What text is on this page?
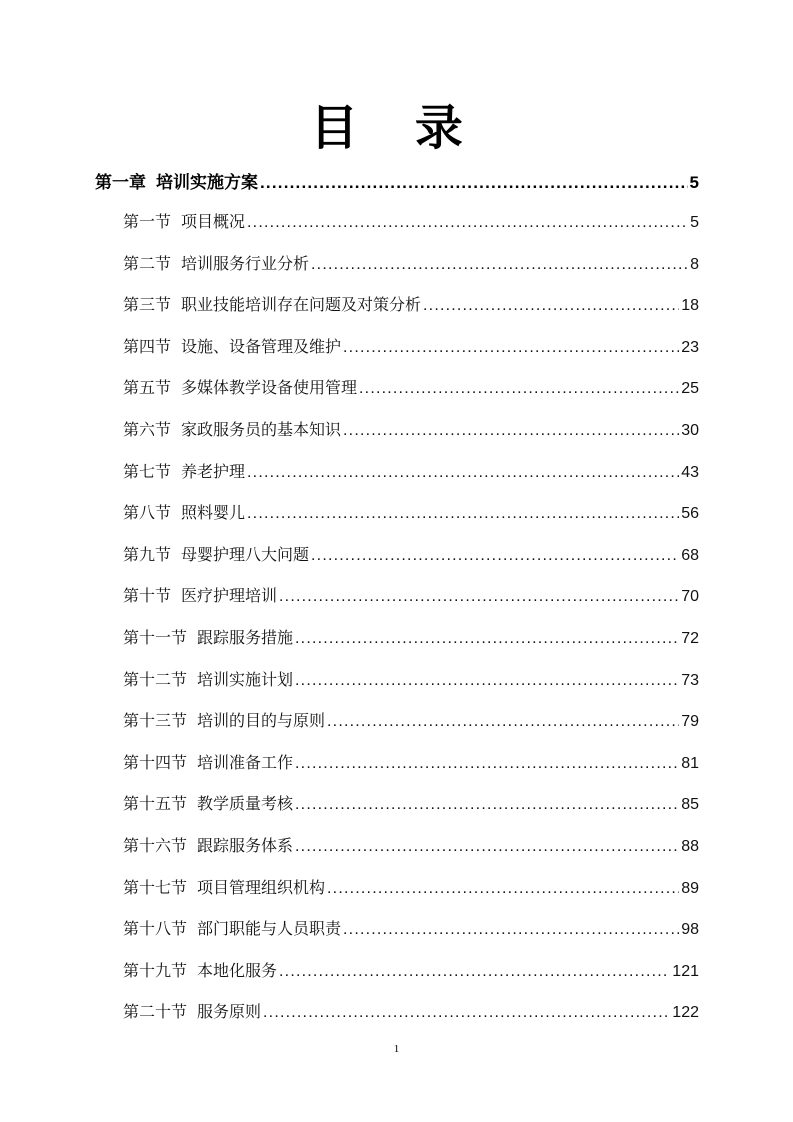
目 录
第一章 培训实施方案 .....	5
第一节 项目概况 .....	5
第二节 培训服务行业分析 .....	8
第三节 职业技能培训存在问题及对策分析 .....	18
第四节 设施、设备管理及维护 .....	23
第五节 多媒体教学设备使用管理 .....	25
第六节 家政服务员的基本知识 .....	30
第七节 养老护理 .....	43
第八节 照料婴儿 .....	56
第九节 母婴护理八大问题 .....	68
第十节 医疗护理培训 .....	70
第十一节 跟踪服务措施 .....	72
第十二节 培训实施计划 .....	73
第十三节 培训的目的与原则 .....	79
第十四节 培训准备工作 .....	81
第十五节 教学质量考核 .....	85
第十六节 跟踪服务体系 .....	88
第十七节 项目管理组织机构 .....	89
第十八节 部门职能与人员职责 .....	98
第十九节 本地化服务 .....	121
第二十节 服务原则 .....	122
1
